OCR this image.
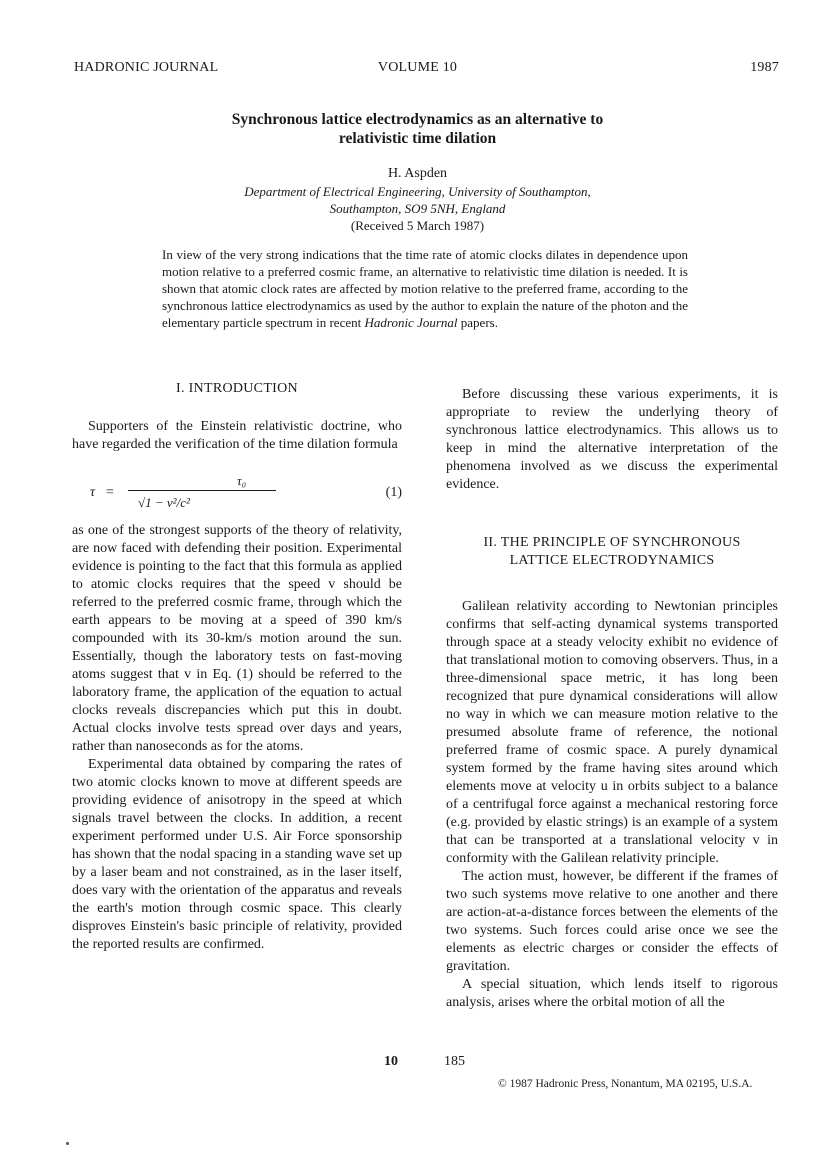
HADRONIC JOURNAL	VOLUME 10	1987
Synchronous lattice electrodynamics as an alternative to
relativistic time dilation
H. Aspden
Department of Electrical Engineering, University of Southampton,
Southampton, SO9 5NH, England
(Received 5 March 1987)

In view of the very strong indications that the time rate of atomic clocks dilates in dependence upon motion relative to a preferred cosmic frame, an alternative to relativistic time dilation is needed. It is shown that atomic clock rates are affected by motion relative to the preferred frame, according to the synchronous lattice electrodynamics as used by the author to explain the nature of the photon and the elementary particle spectrum in recent Hadronic Journal papers.

I. INTRODUCTION

Supporters of the Einstein relativistic doctrine, who have regarded the verification of the time dilation formula

τ =
τ₀
√1 − v²/c²
(1)

as one of the strongest supports of the theory of relativity, are now faced with defending their position. Experimental evidence is pointing to the fact that this formula as applied to atomic clocks requires that the speed v should be referred to the preferred cosmic frame, through which the earth appears to be moving at a speed of 390 km/s compounded with its 30-km/s motion around the sun. Essentially, though the laboratory tests on fast-moving atoms suggest that v in Eq. (1) should be referred to the laboratory frame, the application of the equation to actual clocks reveals discrepancies which put this in doubt. Actual clocks involve tests spread over days and years, rather than nanoseconds as for the atoms.

Experimental data obtained by comparing the rates of two atomic clocks known to move at different speeds are providing evidence of anisotropy in the speed at which signals travel between the clocks. In addition, a recent experiment performed under U.S. Air Force sponsorship has shown that the nodal spacing in a standing wave set up by a laser beam and not constrained, as in the laser itself, does vary with the orientation of the apparatus and reveals the earth's motion through cosmic space. This clearly disproves Einstein's basic principle of relativity, provided the reported results are confirmed.

Before discussing these various experiments, it is appropriate to review the underlying theory of synchronous lattice electrodynamics. This allows us to keep in mind the alternative interpretation of the phenomena involved as we discuss the experimental evidence.

II. THE PRINCIPLE OF SYNCHRONOUS
LATTICE ELECTRODYNAMICS

Galilean relativity according to Newtonian principles confirms that self-acting dynamical systems transported through space at a steady velocity exhibit no evidence of that translational motion to comoving observers. Thus, in a three-dimensional space metric, it has long been recognized that pure dynamical considerations will allow no way in which we can measure motion relative to the presumed absolute frame of reference, the notional preferred frame of cosmic space. A purely dynamical system formed by the frame having sites around which elements move at velocity u in orbits subject to a balance of a centrifugal force against a mechanical restoring force (e.g. provided by elastic strings) is an example of a system that can be transported at a translational velocity v in conformity with the Galilean relativity principle.

The action must, however, be different if the frames of two such systems move relative to one another and there are action-at-a-distance forces between the elements of the two systems. Such forces could arise once we see the elements as electric charges or consider the effects of gravitation.

A special situation, which lends itself to rigorous analysis, arises where the orbital motion of all the

10	185
© 1987 Hadronic Press, Nonantum, MA 02195, U.S.A.
